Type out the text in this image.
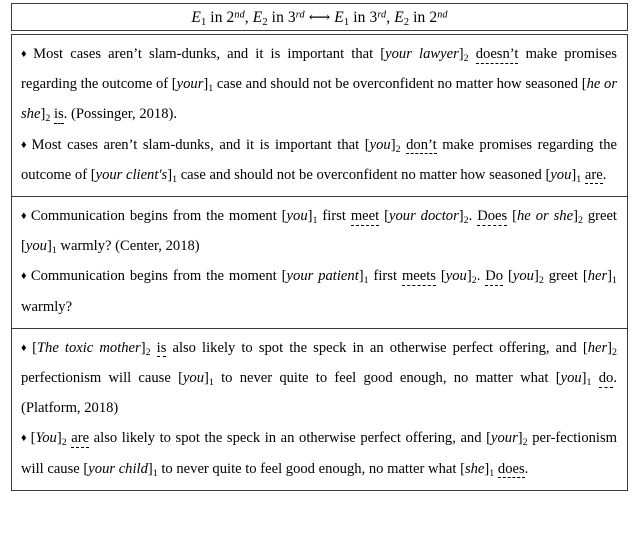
$E_1$ in 2nd, $E_2$ in 3rd ⟷ $E_1$ in 3rd, $E_2$ in 2nd

♦ Most cases aren’t slam-dunks, and it is important that [your $lawyer]_2$ doesn’t make promises regarding the outcome of $[your]_1$ case and should not be overconfident no matter how seasoned [he or $she]_2$ is. (Possinger, 2018).

♦ Most cases aren’t slam-dunks, and it is important that $[you]_2$ don’t make promises regarding the outcome of [your $client's]_1$ case and should not be overconfident no matter how seasoned $[you]_1$ are.

♦ Communication begins from the moment $[you]_1$ first meet [your $doctor]_2$. Does [he or $she]_2$ greet $[you]_1$ warmly? (Center, 2018)

♦ Communication begins from the moment [your $patient]_1$ first meets $[you]_2$. Do $[you]_2$ greet $[her]_1$ warmly?

♦ [The toxic $mother]_2$ is also likely to spot the speck in an otherwise perfect offering, and $[her]_2$ perfectionism will cause $[you]_1$ to never quite to feel good enough, no matter what $[you]_1$ do. (Platform, 2018)

♦ $[You]_2$ are also likely to spot the speck in an otherwise perfect offering, and $[your]_2$ per-fectionism will cause [your $child]_1$ to never quite to feel good enough, no matter what $[she]_1$ does.
